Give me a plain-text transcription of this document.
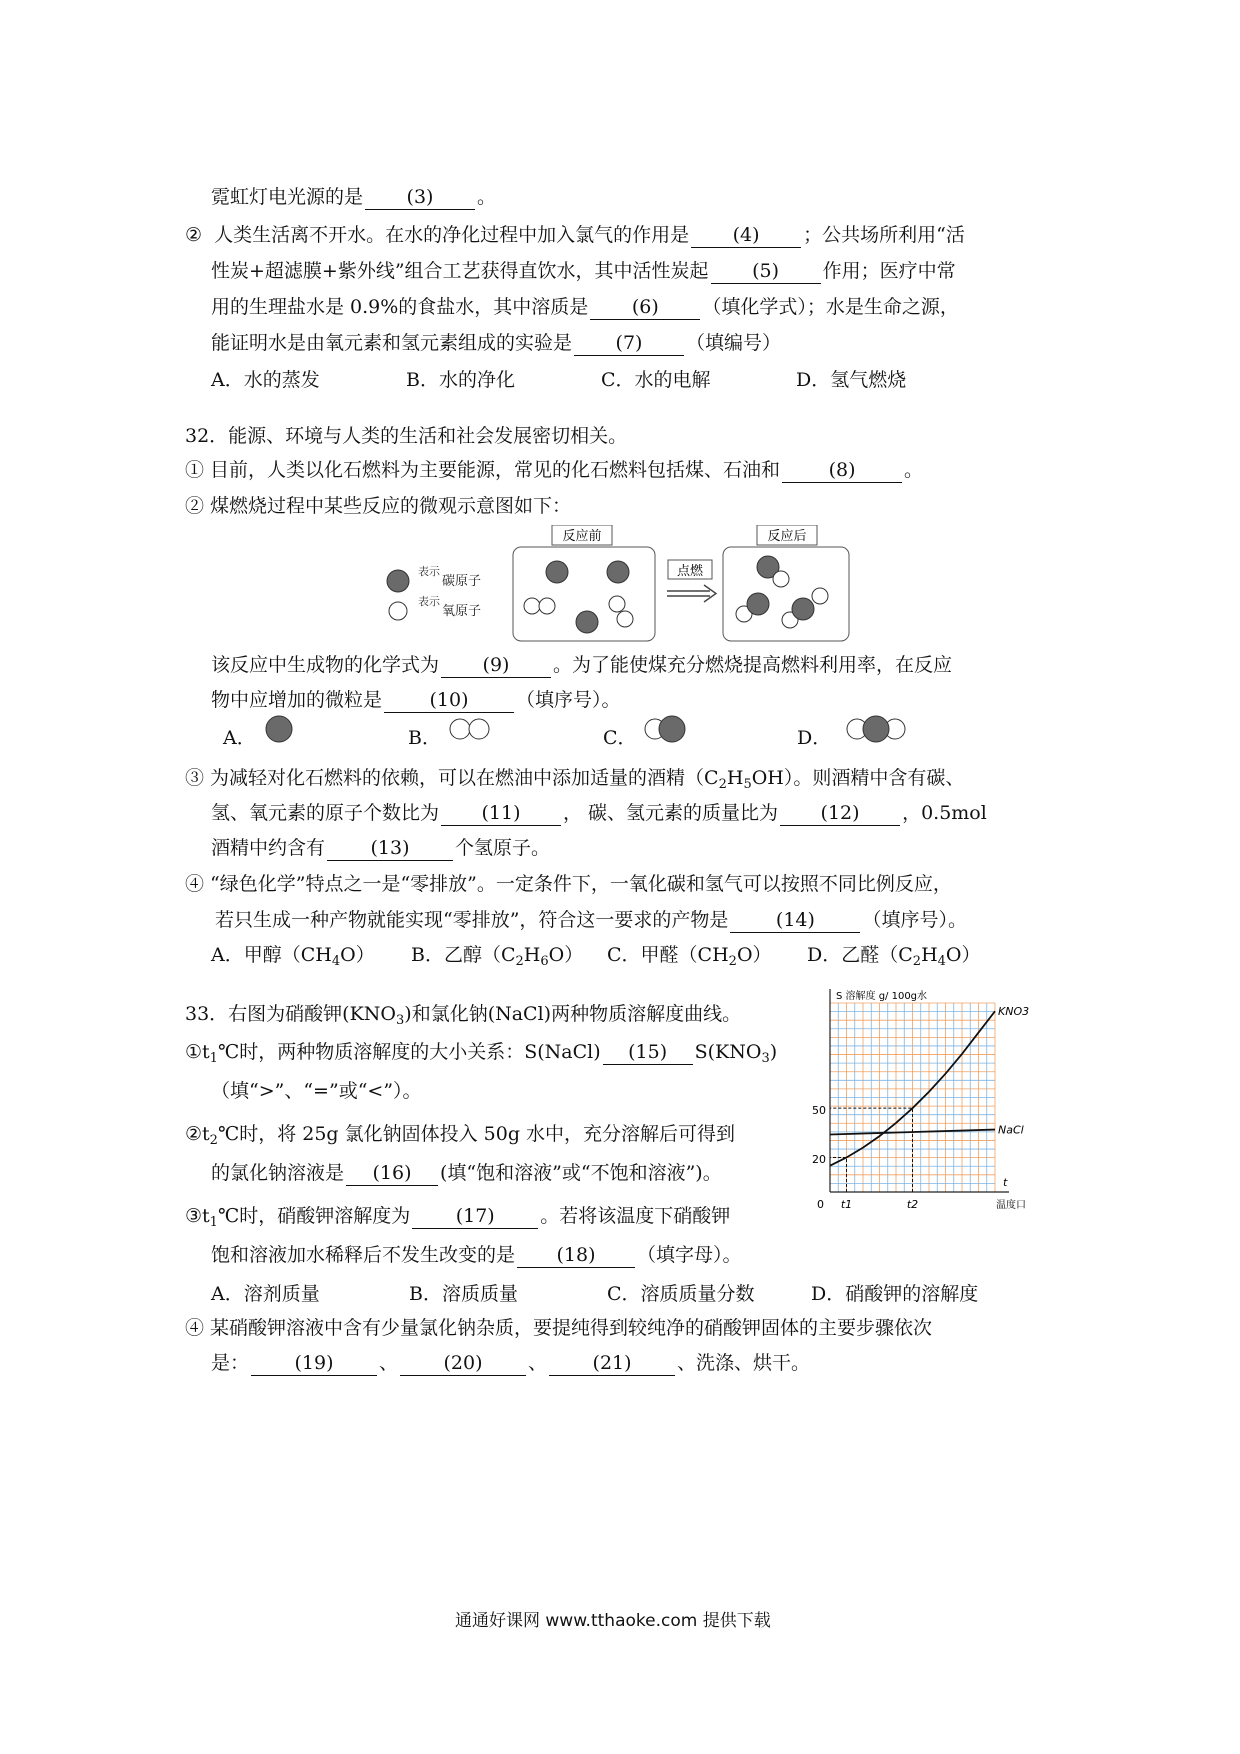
霓虹灯电光源的是 (3) 。
② 人类生活离不开水。在水的净化过程中加入氯气的作用是 (4) ；公共场所利用“活
性炭+超滤膜+紫外线”组合工艺获得直饮水，其中活性炭起 (5) 作用；医疗中常
用的生理盐水是 0.9%的食盐水，其中溶质是 (6) （填化学式）；水是生命之源，
能证明水是由氧元素和氢元素组成的实验是 (7) （填编号）
A．水的蒸发	B．水的净化	C．水的电解	D．氢气燃烧
32．能源、环境与人类的生活和社会发展密切相关。
① 目前，人类以化石燃料为主要能源，常见的化石燃料包括煤、石油和	(8)	。
② 煤燃烧过程中某些反应的微观示意图如下：
表示
碳原子
表示
氧原子
反应前
点燃
反应后
该反应中生成物的化学式为 (9) 。为了能使煤充分燃烧提高燃料利用率，在反应
物中应增加的微粒是 (10)	（填序号）。
A．	B．	C．	D．
③ 为减轻对化石燃料的依赖，可以在燃油中添加适量的酒精$(C_2H_5OH)$。则酒精中含有碳、
氢、氧元素的原子个数比为 (11) ， 碳、氢元素的质量比为 (12) ，0.5mol
酒精中约含有 (13) 个氢原子。
④ “绿色化学”特点之一是“零排放”。一定条件下，一氧化碳和氢气可以按照不同比例反应，
若只生成一种产物就能实现“零排放”，符合这一要求的产物是 (14)	（填序号）。
A．甲醇$(CH_4O)$ B．乙醇$(C_2H_6O)$ C．甲醛$(CH_2O)$ D．乙醛$(C_2H_4O)$
33．右图为硝酸钾$(KNO_3)$和氯化钠(NaCl)两种物质溶解度曲线。
$①t_1℃$时，两种物质溶解度的大小关系：S(NaCl) (15) $S(KNO_3)$
（填“>”、“=”或“<”）。
$②t_2℃$时，将 25g 氯化钠固体投入 50g 水中，充分溶解后可得到
的氯化钠溶液是 (16) (填“饱和溶液”或“不饱和溶液”)。
$③t_1℃$时，硝酸钾溶解度为 (17) 。若将该温度下硝酸钾
饱和溶液加水稀释后不发生改变的是 (18) （填字母）。
A．溶剂质量	B．溶质质量	C．溶质质量分数	D．硝酸钾的溶解度
④ 某硝酸钾溶液中含有少量氯化钠杂质，要提纯得到较纯净的硝酸钾固体的主要步骤依次
是： (19) 、 (20) 、 (21) 、洗涤、烘干。
KNO3
NaCl
t1	t2
20
50
0	温度口
t
S 溶解度 g/ 100g水
通通好课网 www.tthaoke.com 提供下载
